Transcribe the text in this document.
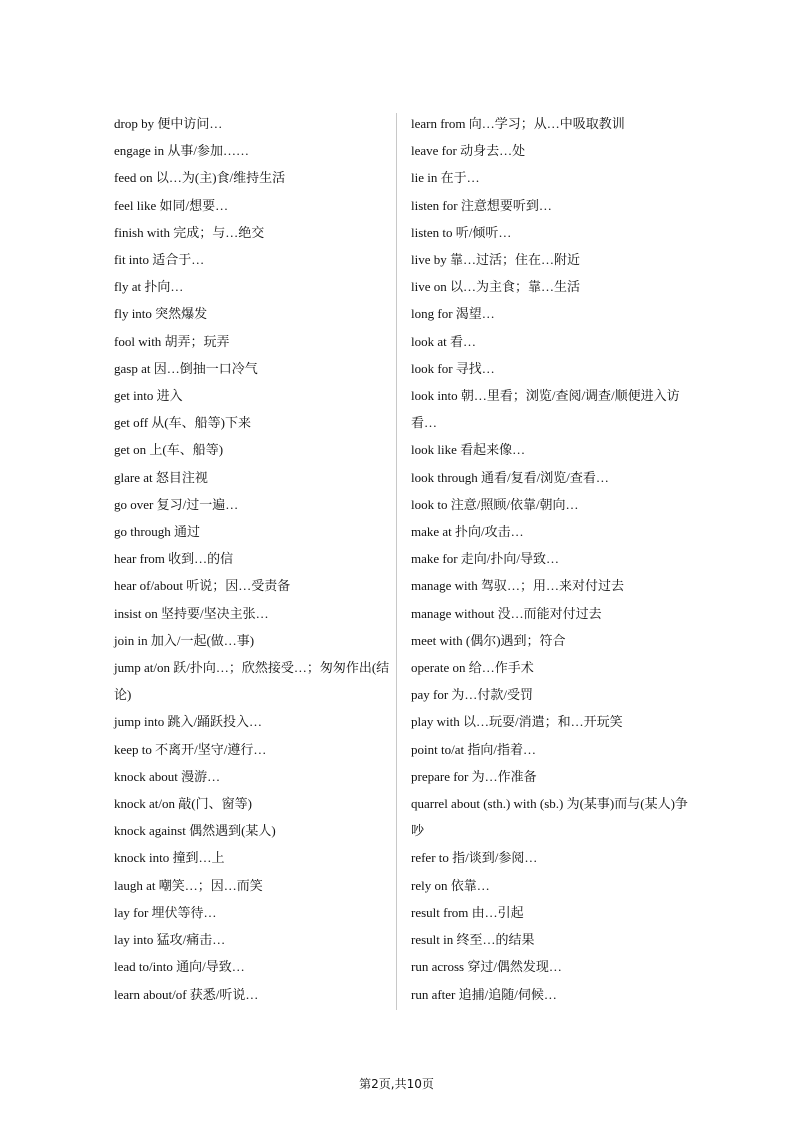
drop by 便中访问…
engage in 从事/参加……
feed on 以…为(主)食/维持生活
feel like 如同/想要…
finish with 完成；与…绝交
fit into 适合于…
fly at 扑向…
fly into 突然爆发
fool with 胡弄；玩弄
gasp at 因…倒抽一口冷气
get into 进入
get off 从(车、船等)下来
get on 上(车、船等)
glare at 怒目注视
go over 复习/过一遍…
go through 通过
hear from 收到…的信
hear of/about 听说；因…受责备
insist on 坚持要/坚决主张…
join in 加入/一起(做…事)
jump at/on 跃/扑向…；欣然接受…；匆匆作出(结论)
jump into 跳入/踊跃投入…
keep to 不离开/坚守/遵行…
knock about 漫游…
knock at/on 敲(门、窗等)
knock against 偶然遇到(某人)
knock into 撞到…上
laugh at 嘲笑…；因…而笑
lay for 埋伏等待…
lay into 猛攻/痛击…
lead to/into 通向/导致…
learn about/of 获悉/听说…
learn from 向…学习；从…中吸取教训
leave for 动身去…处
lie in 在于…
listen for 注意想要听到…
listen to 听/倾听…
live by 靠…过活；住在…附近
live on 以…为主食；靠…生活
long for 渴望…
look at 看…
look for 寻找…
look into 朝…里看；浏览/查阅/调查/顺便进入访看…
look like 看起来像…
look through 通看/复看/浏览/查看…
look to 注意/照顾/依靠/朝向…
make at 扑向/攻击…
make for 走向/扑向/导致…
manage with 驾驭…；用…来对付过去
manage without 没…而能对付过去
meet with (偶尔)遇到；符合
operate on 给…作手术
pay for 为…付款/受罚
play with 以…玩耍/消遣；和…开玩笑
point to/at 指向/指着…
prepare for 为…作准备
quarrel about (sth.) with (sb.) 为(某事)而与(某人)争吵
refer to 指/谈到/参阅…
rely on 依靠…
result from 由…引起
result in 终至…的结果
run across 穿过/偶然发现…
run after 追捕/追随/伺候…
第2页,共10页
